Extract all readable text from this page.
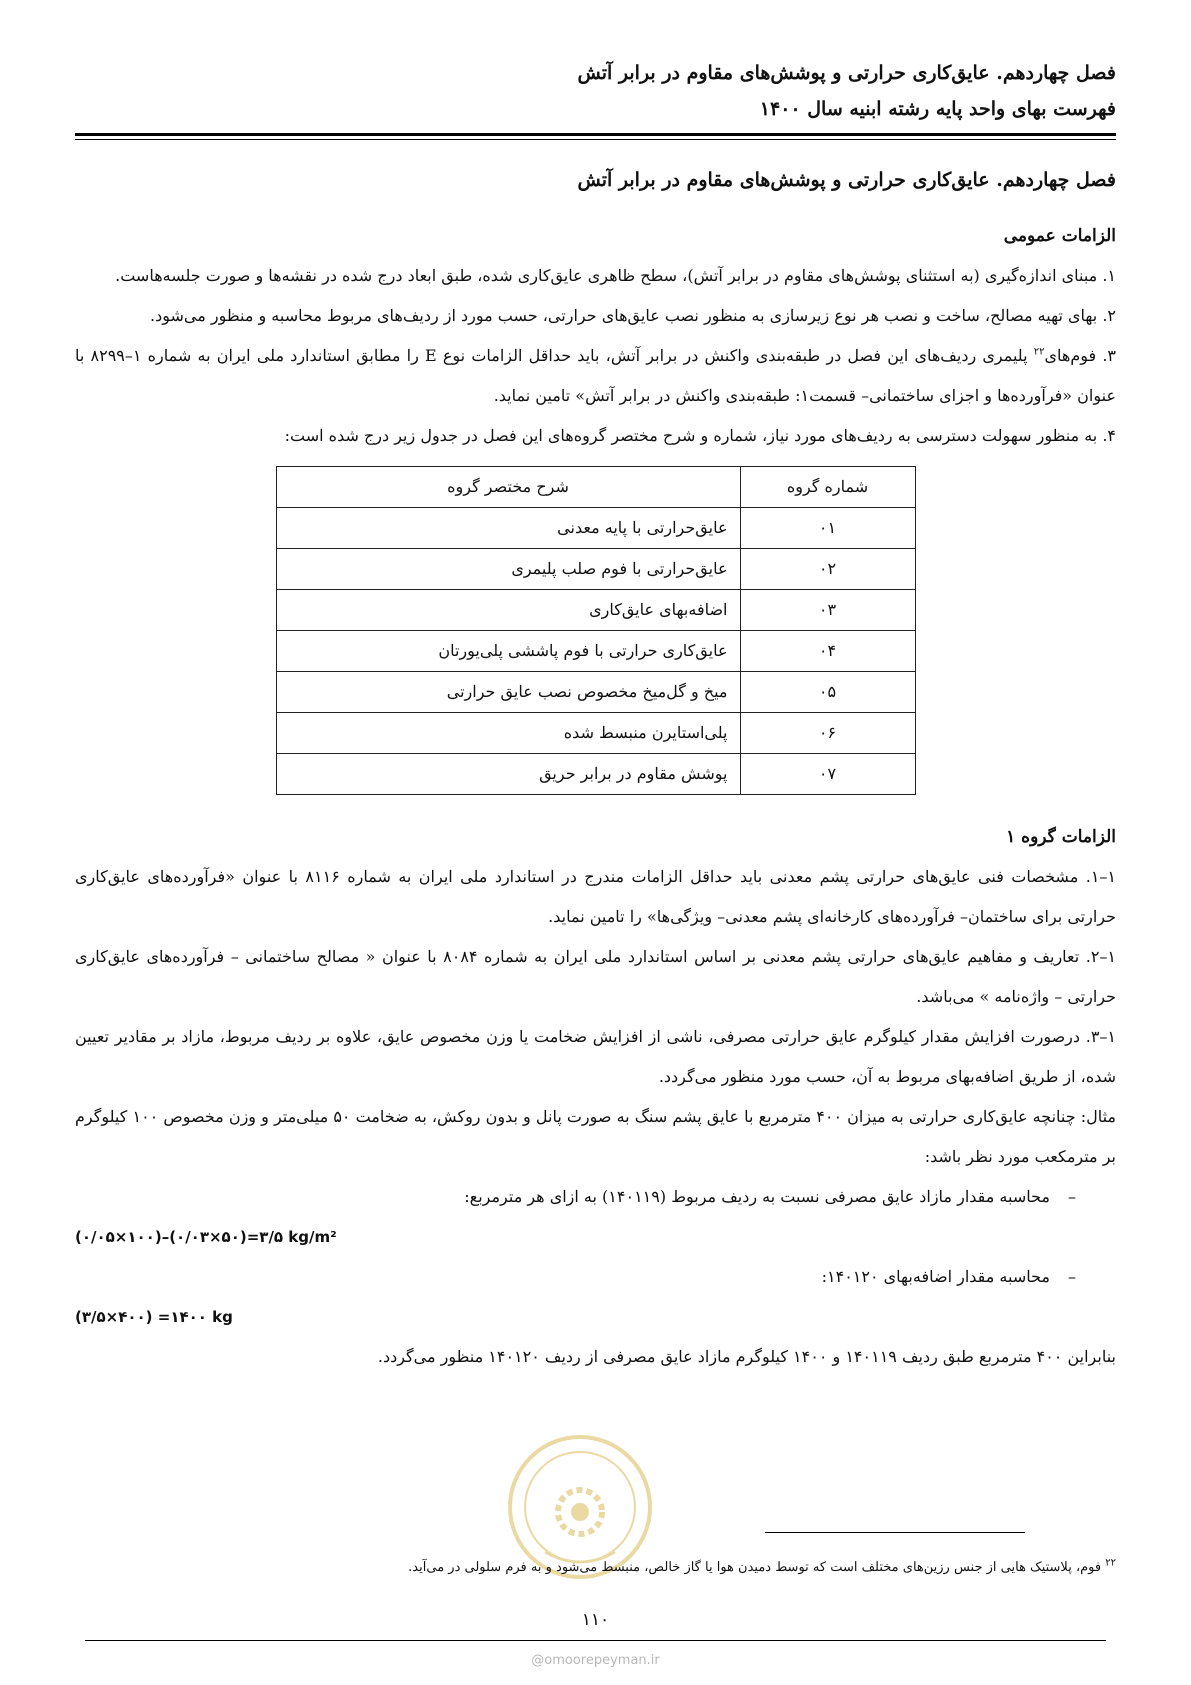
فصل چهاردهم. عایق‌کاری حرارتی و پوشش‌های مقاوم در برابر آتش
فهرست بهای واحد پایه رشته ابنیه سال ۱۴۰۰
فصل چهاردهم. عایق‌کاری حرارتی و پوشش‌های مقاوم در برابر آتش
الزامات عمومی

۱. مبنای اندازه‌گیری (به استثنای پوشش‌های مقاوم در برابر آتش)، سطح ظاهری عایق‌کاری شده، طبق ابعاد درج شده در نقشه‌ها و صورت جلسه‌هاست.

۲. بهای تهیه مصالح، ساخت و نصب هر نوع زیرسازی به منظور نصب عایق‌های حرارتی، حسب مورد از ردیف‌های مربوط محاسبه و منظور می‌شود.

۳. فوم‌های$^{۲۲}$ پلیمری ردیف‌های این فصل در طبقه‌بندی واکنش در برابر آتش، باید حداقل الزامات نوع E را مطابق استاندارد ملی ایران به شماره ۱–۸۲۹۹ با عنوان «فرآورده‌ها و اجزای ساختمانی– قسمت۱: طبقه‌بندی واکنش در برابر آتش» تامین نماید.

۴. به منظور سهولت دسترسی به ردیف‌های مورد نیاز، شماره و شرح مختصر گروه‌های این فصل در جدول زیر درج شده است:

شماره گروه	شرح مختصر گروه
۰۱	عایق‌حرارتی با پایه معدنی
۰۲	عایق‌حرارتی با فوم صلب پلیمری
۰۳	اضافه‌بهای عایق‌کاری
۰۴	عایق‌کاری حرارتی با فوم پاششی پلی‌یورتان
۰۵	میخ و گل‌میخ مخصوص نصب عایق حرارتی
۰۶	پلی‌استایرن منبسط شده
۰۷	پوشش مقاوم در برابر حریق
الزامات گروه ۱

۱–۱. مشخصات فنی عایق‌های حرارتی پشم معدنی باید حداقل الزامات مندرج در استاندارد ملی ایران به شماره ۸۱۱۶ با عنوان «فرآورده‌های عایق‌کاری حرارتی برای ساختمان– فرآورده‌های کارخانه‌ای پشم معدنی– ویژگی‌ها» را تامین نماید.

۱–۲. تعاریف و مفاهیم عایق‌های حرارتی پشم معدنی بر اساس استاندارد ملی ایران به شماره ۸۰۸۴ با عنوان « مصالح ساختمانی – فرآورده‌های عایق‌کاری حرارتی – واژه‌نامه » می‌باشد.

۱–۳. درصورت افزایش مقدار کیلوگرم عایق حرارتی مصرفی، ناشی از افزایش ضخامت یا وزن مخصوص عایق، علاوه بر ردیف مربوط، مازاد بر مقادیر تعیین شده، از طریق اضافه‌بهای مربوط به آن، حسب مورد منظور می‌گردد.

مثال: چنانچه عایق‌کاری حرارتی به میزان ۴۰۰ مترمربع با عایق پشم سنگ به صورت پانل و بدون روکش، به ضخامت ۵۰ میلی‌متر و وزن مخصوص ۱۰۰ کیلوگرم بر مترمکعب مورد نظر باشد:

–محاسبه مقدار مازاد عایق مصرفی نسبت به ردیف مربوط (۱۴۰۱۱۹) به ازای هر مترمربع:

(۰/۰۵×۱۰۰)–(۰/۰۳×۵۰)=۳/۵ kg/m²

–محاسبه مقدار اضافه‌بهای ۱۴۰۱۲۰:

(۳/۵×۴۰۰) =۱۴۰۰ kg

بنابراین ۴۰۰ مترمربع طبق ردیف ۱۴۰۱۱۹ و ۱۴۰۰ کیلوگرم مازاد عایق مصرفی از ردیف ۱۴۰۱۲۰ منظور می‌گردد.

$^{۲۲}$ فوم، پلاستیک هایی از جنس رزین‌های مختلف است که توسط دمیدن هوا یا گاز خالص، منبسط می‌شود و به فرم سلولی در می‌آید.
۱۱۰
@omoorepeyman.ir
